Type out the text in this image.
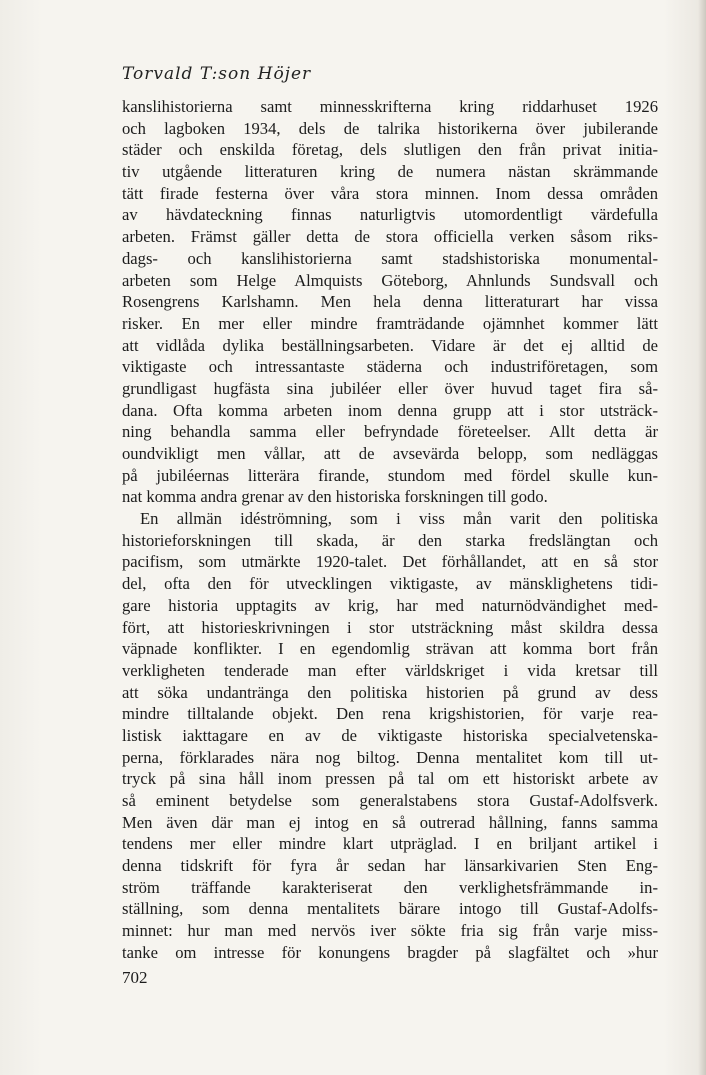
Torvald T:son Höjer
kanslihistorierna samt minnesskrifterna kring riddarhuset 1926
och lagboken 1934, dels de talrika historikerna över jubilerande
städer och enskilda företag, dels slutligen den från privat initia-
tiv utgående litteraturen kring de numera nästan skrämmande
tätt firade festerna över våra stora minnen. Inom dessa områden
av hävdateckning finnas naturligtvis utomordentligt värdefulla
arbeten. Främst gäller detta de stora officiella verken såsom riks-
dags- och kanslihistorierna samt stadshistoriska monumental-
arbeten som Helge Almquists Göteborg, Ahnlunds Sundsvall och
Rosengrens Karlshamn. Men hela denna litteraturart har vissa
risker. En mer eller mindre framträdande ojämnhet kommer lätt
att vidlåda dylika beställningsarbeten. Vidare är det ej alltid de
viktigaste och intressantaste städerna och industriföretagen, som
grundligast hugfästa sina jubiléer eller över huvud taget fira så-
dana. Ofta komma arbeten inom denna grupp att i stor utsträck-
ning behandla samma eller befryndade företeelser. Allt detta är
oundvikligt men vållar, att de avsevärda belopp, som nedläggas
på jubiléernas litterära firande, stundom med fördel skulle kun-
nat komma andra grenar av den historiska forskningen till godo.
En allmän idéströmning, som i viss mån varit den politiska
historieforskningen till skada, är den starka fredslängtan och
pacifism, som utmärkte 1920-talet. Det förhållandet, att en så stor
del, ofta den för utvecklingen viktigaste, av mänsklighetens tidi-
gare historia upptagits av krig, har med naturnödvändighet med-
fört, att historieskrivningen i stor utsträckning måst skildra dessa
väpnade konflikter. I en egendomlig strävan att komma bort från
verkligheten tenderade man efter världskriget i vida kretsar till
att söka undantränga den politiska historien på grund av dess
mindre tilltalande objekt. Den rena krigshistorien, för varje rea-
listisk iakttagare en av de viktigaste historiska specialvetenska-
perna, förklarades nära nog biltog. Denna mentalitet kom till ut-
tryck på sina håll inom pressen på tal om ett historiskt arbete av
så eminent betydelse som generalstabens stora Gustaf-Adolfsverk.
Men även där man ej intog en så outrerad hållning, fanns samma
tendens mer eller mindre klart utpräglad. I en briljant artikel i
denna tidskrift för fyra år sedan har länsarkivarien Sten Eng-
ström träffande karakteriserat den verklighetsfrämmande in-
ställning, som denna mentalitets bärare intogo till Gustaf-Adolfs-
minnet: hur man med nervös iver sökte fria sig från varje miss-
tanke om intresse för konungens bragder på slagfältet och »hur
702
